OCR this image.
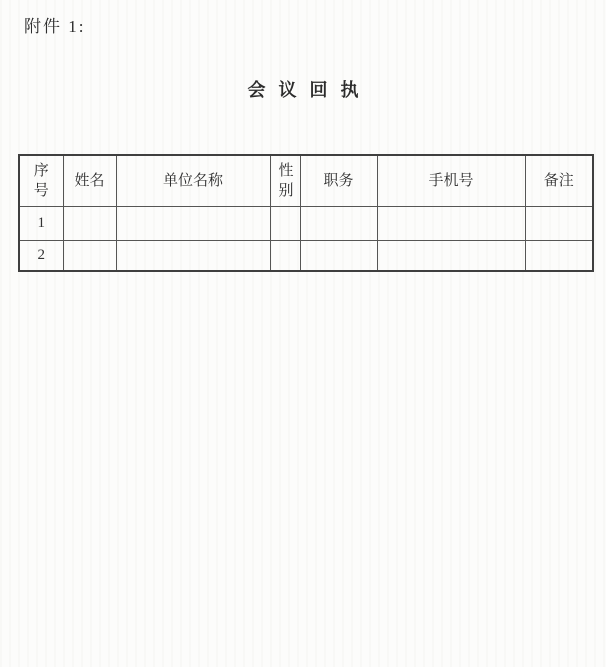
附件 1:
会议回执
序号	姓名	单位名称	性别	职务	手机号	备注
1						
2						
